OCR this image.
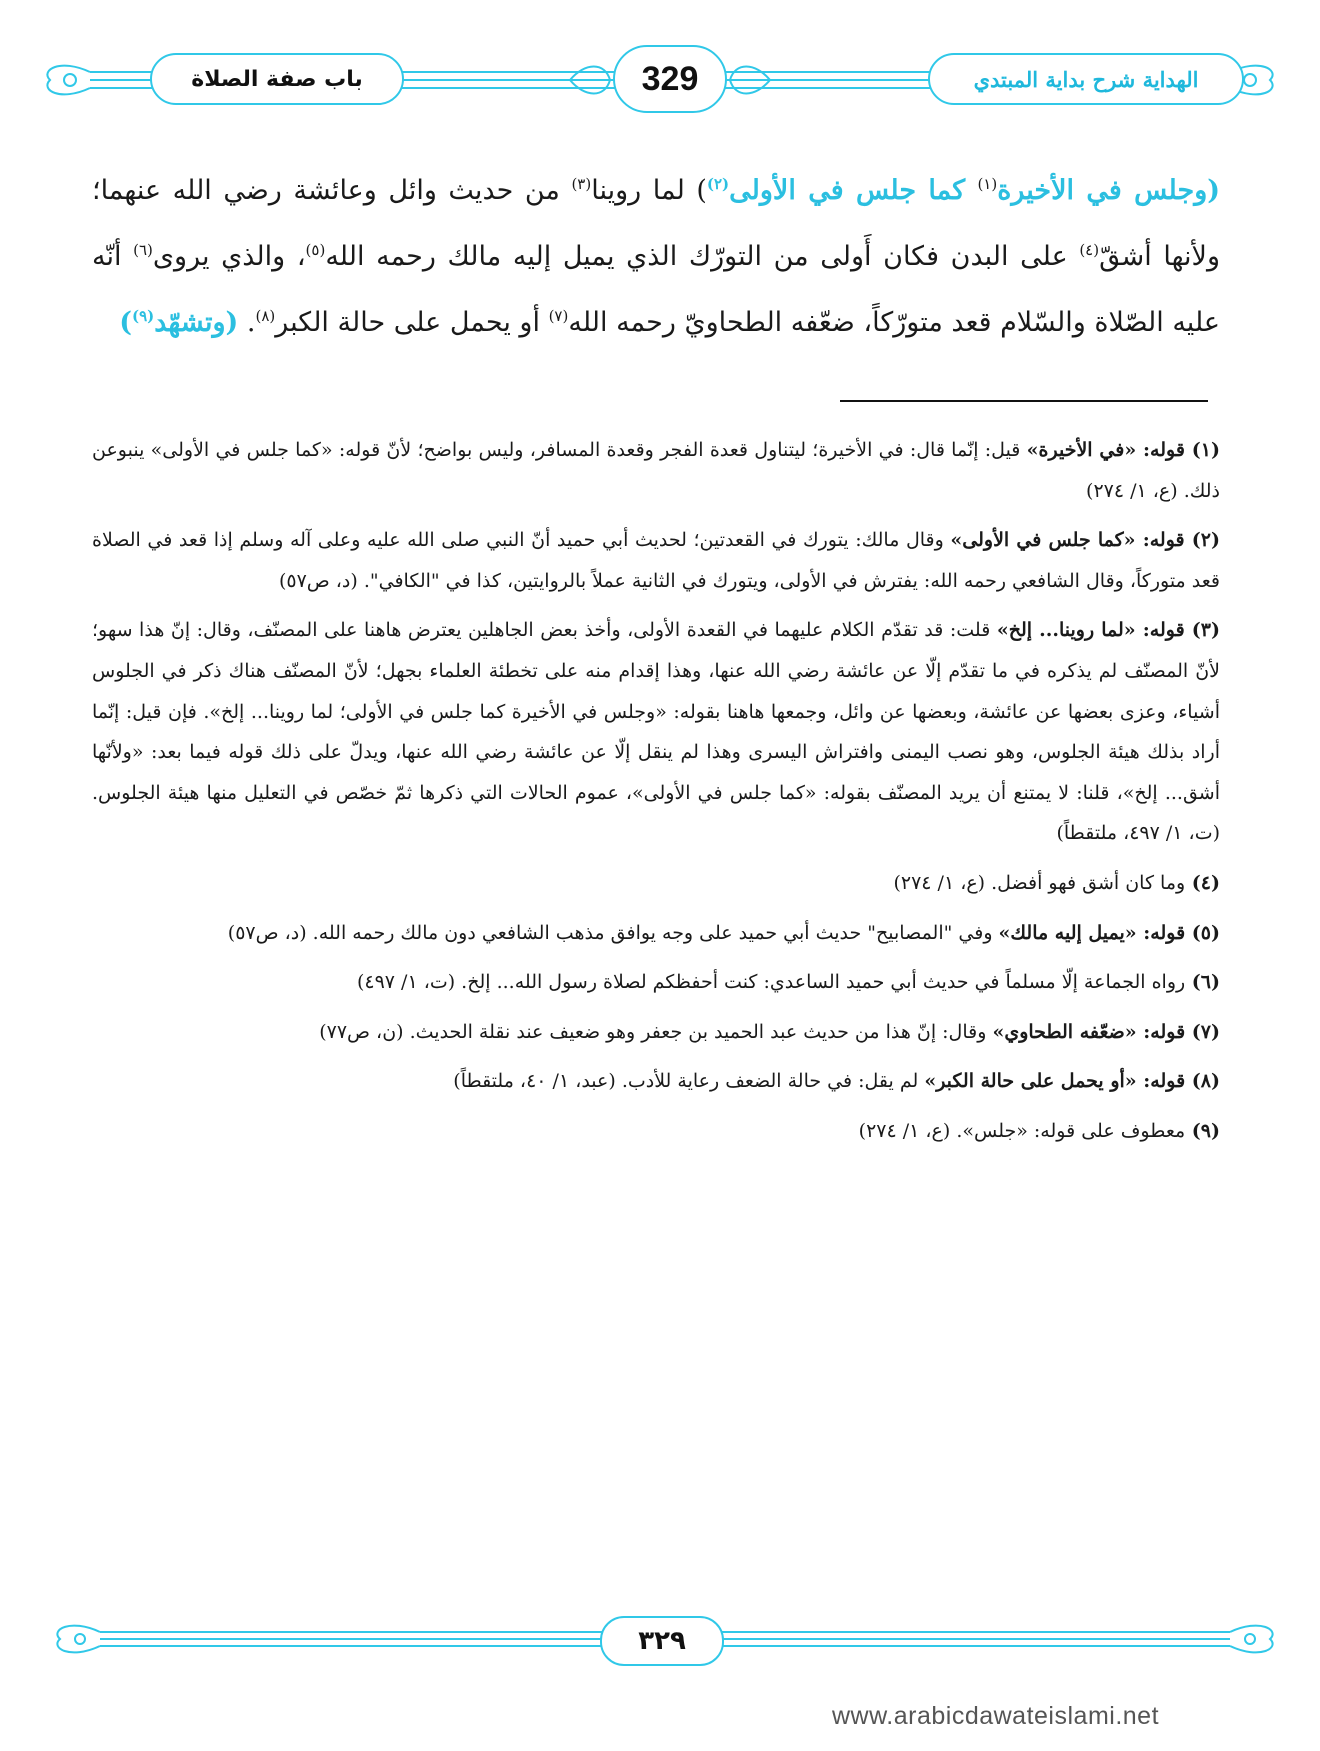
باب صفة الصلاة	329	الهداية شرح بداية المبتدي

(وجلس في الأخيرة$^{(١)}$ كما جلس في الأولى$^{(٢)}$) لما روينا$^{(٣)}$ من حديث وائل وعائشة رضي الله عنهما؛ ولأنها أشقّ$^{(٤)}$ على البدن فكان أَولى من التورّك الذي يميل إليه مالك رحمه الله$^{(٥)}$، والذي يروى$^{(٦)}$ أنّه عليه الصّلاة والسّلام قعد متورّكاً، ضعّفه الطحاويّ رحمه الله$^{(٧)}$ أو يحمل على حالة الكبر$^{(٨)}$. (وتشهّد$^{(٩)}$)

(١) قوله: «في الأخيرة» قيل: إنّما قال: في الأخيرة؛ ليتناول قعدة الفجر وقعدة المسافر، وليس بواضح؛ لأنّ قوله: «كما جلس في الأولى» ينبوعن ذلك. (ع، ١/ ٢٧٤)

(٢) قوله: «كما جلس في الأولى» وقال مالك: يتورك في القعدتين؛ لحديث أبي حميد أنّ النبي صلى الله عليه وعلى آله وسلم إذا قعد في الصلاة قعد متوركاً، وقال الشافعي رحمه الله: يفترش في الأولى، ويتورك في الثانية عملاً بالروايتين، كذا في "الكافي". (د، ص٥٧)

(٣) قوله: «لما روينا... إلخ» قلت: قد تقدّم الكلام عليهما في القعدة الأولى، وأخذ بعض الجاهلين يعترض هاهنا على المصنّف، وقال: إنّ هذا سهو؛ لأنّ المصنّف لم يذكره في ما تقدّم إلّا عن عائشة رضي الله عنها، وهذا إقدام منه على تخطئة العلماء بجهل؛ لأنّ المصنّف هناك ذكر في الجلوس أشياء، وعزى بعضها عن عائشة، وبعضها عن وائل، وجمعها هاهنا بقوله: «وجلس في الأخيرة كما جلس في الأولى؛ لما روينا... إلخ». فإن قيل: إنّما أراد بذلك هيئة الجلوس، وهو نصب اليمنى وافتراش اليسرى وهذا لم ينقل إلّا عن عائشة رضي الله عنها، ويدلّ على ذلك قوله فيما بعد: «ولأنّها أشق... إلخ»، قلنا: لا يمتنع أن يريد المصنّف بقوله: «كما جلس في الأولى»، عموم الحالات التي ذكرها ثمّ خصّص في التعليل منها هيئة الجلوس. (ت، ١/ ٤٩٧، ملتقطاً)

(٤) وما كان أشق فهو أفضل. (ع، ١/ ٢٧٤)

(٥) قوله: «يميل إليه مالك» وفي "المصابيح" حديث أبي حميد على وجه يوافق مذهب الشافعي دون مالك رحمه الله. (د، ص٥٧)

(٦) رواه الجماعة إلّا مسلماً في حديث أبي حميد الساعدي: كنت أحفظكم لصلاة رسول الله... إلخ. (ت، ١/ ٤٩٧)

(٧) قوله: «ضعّفه الطحاوي» وقال: إنّ هذا من حديث عبد الحميد بن جعفر وهو ضعيف عند نقلة الحديث. (ن، ص٧٧)

(٨) قوله: «أو يحمل على حالة الكبر» لم يقل: في حالة الضعف رعاية للأدب. (عبد، ١/ ٤٠، ملتقطاً)

(٩) معطوف على قوله: «جلس». (ع، ١/ ٢٧٤)

٣٢٩
www.arabicdawateislami.net
